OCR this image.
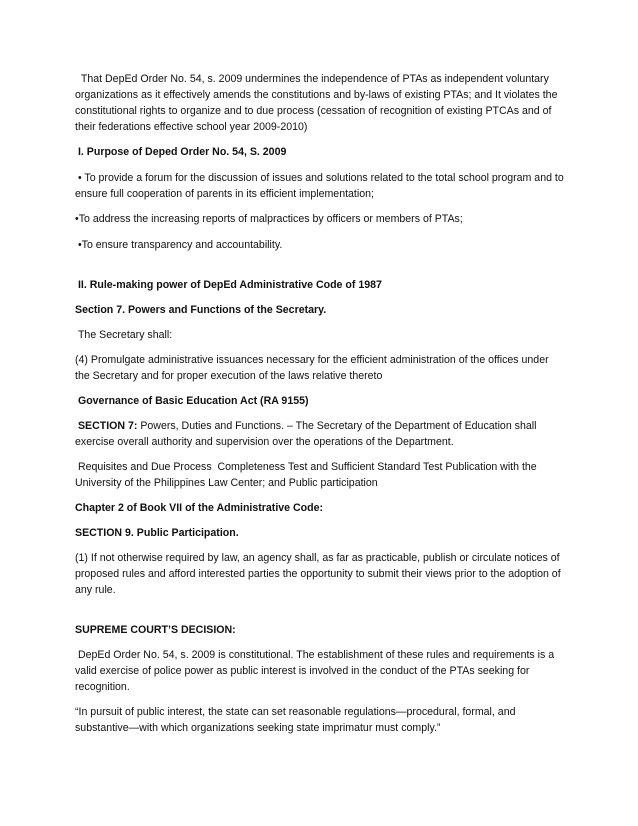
That DepEd Order No. 54, s. 2009 undermines the independence of PTAs as independent voluntary organizations as it effectively amends the constitutions and by-laws of existing PTAs; and It violates the constitutional rights to organize and to due process (cessation of recognition of existing PTCAs and of their federations effective school year 2009-2010)

I. Purpose of Deped Order No. 54, S. 2009

• To provide a forum for the discussion of issues and solutions related to the total school program and to ensure full cooperation of parents in its efficient implementation;

•To address the increasing reports of malpractices by officers or members of PTAs;

•To ensure transparency and accountability.

II. Rule-making power of DepEd Administrative Code of 1987

Section 7. Powers and Functions of the Secretary.

The Secretary shall:

(4) Promulgate administrative issuances necessary for the efficient administration of the offices under the Secretary and for proper execution of the laws relative thereto

Governance of Basic Education Act (RA 9155)

SECTION 7: Powers, Duties and Functions. – The Secretary of the Department of Education shall exercise overall authority and supervision over the operations of the Department.

Requisites and Due Process  Completeness Test and Sufficient Standard Test Publication with the University of the Philippines Law Center; and Public participation

Chapter 2 of Book VII of the Administrative Code:

SECTION 9. Public Participation.

(1) If not otherwise required by law, an agency shall, as far as practicable, publish or circulate notices of proposed rules and afford interested parties the opportunity to submit their views prior to the adoption of any rule.

SUPREME COURT’S DECISION:

DepEd Order No. 54, s. 2009 is constitutional. The establishment of these rules and requirements is a valid exercise of police power as public interest is involved in the conduct of the PTAs seeking for recognition.

“In pursuit of public interest, the state can set reasonable regulations—procedural, formal, and substantive—with which organizations seeking state imprimatur must comply.”
